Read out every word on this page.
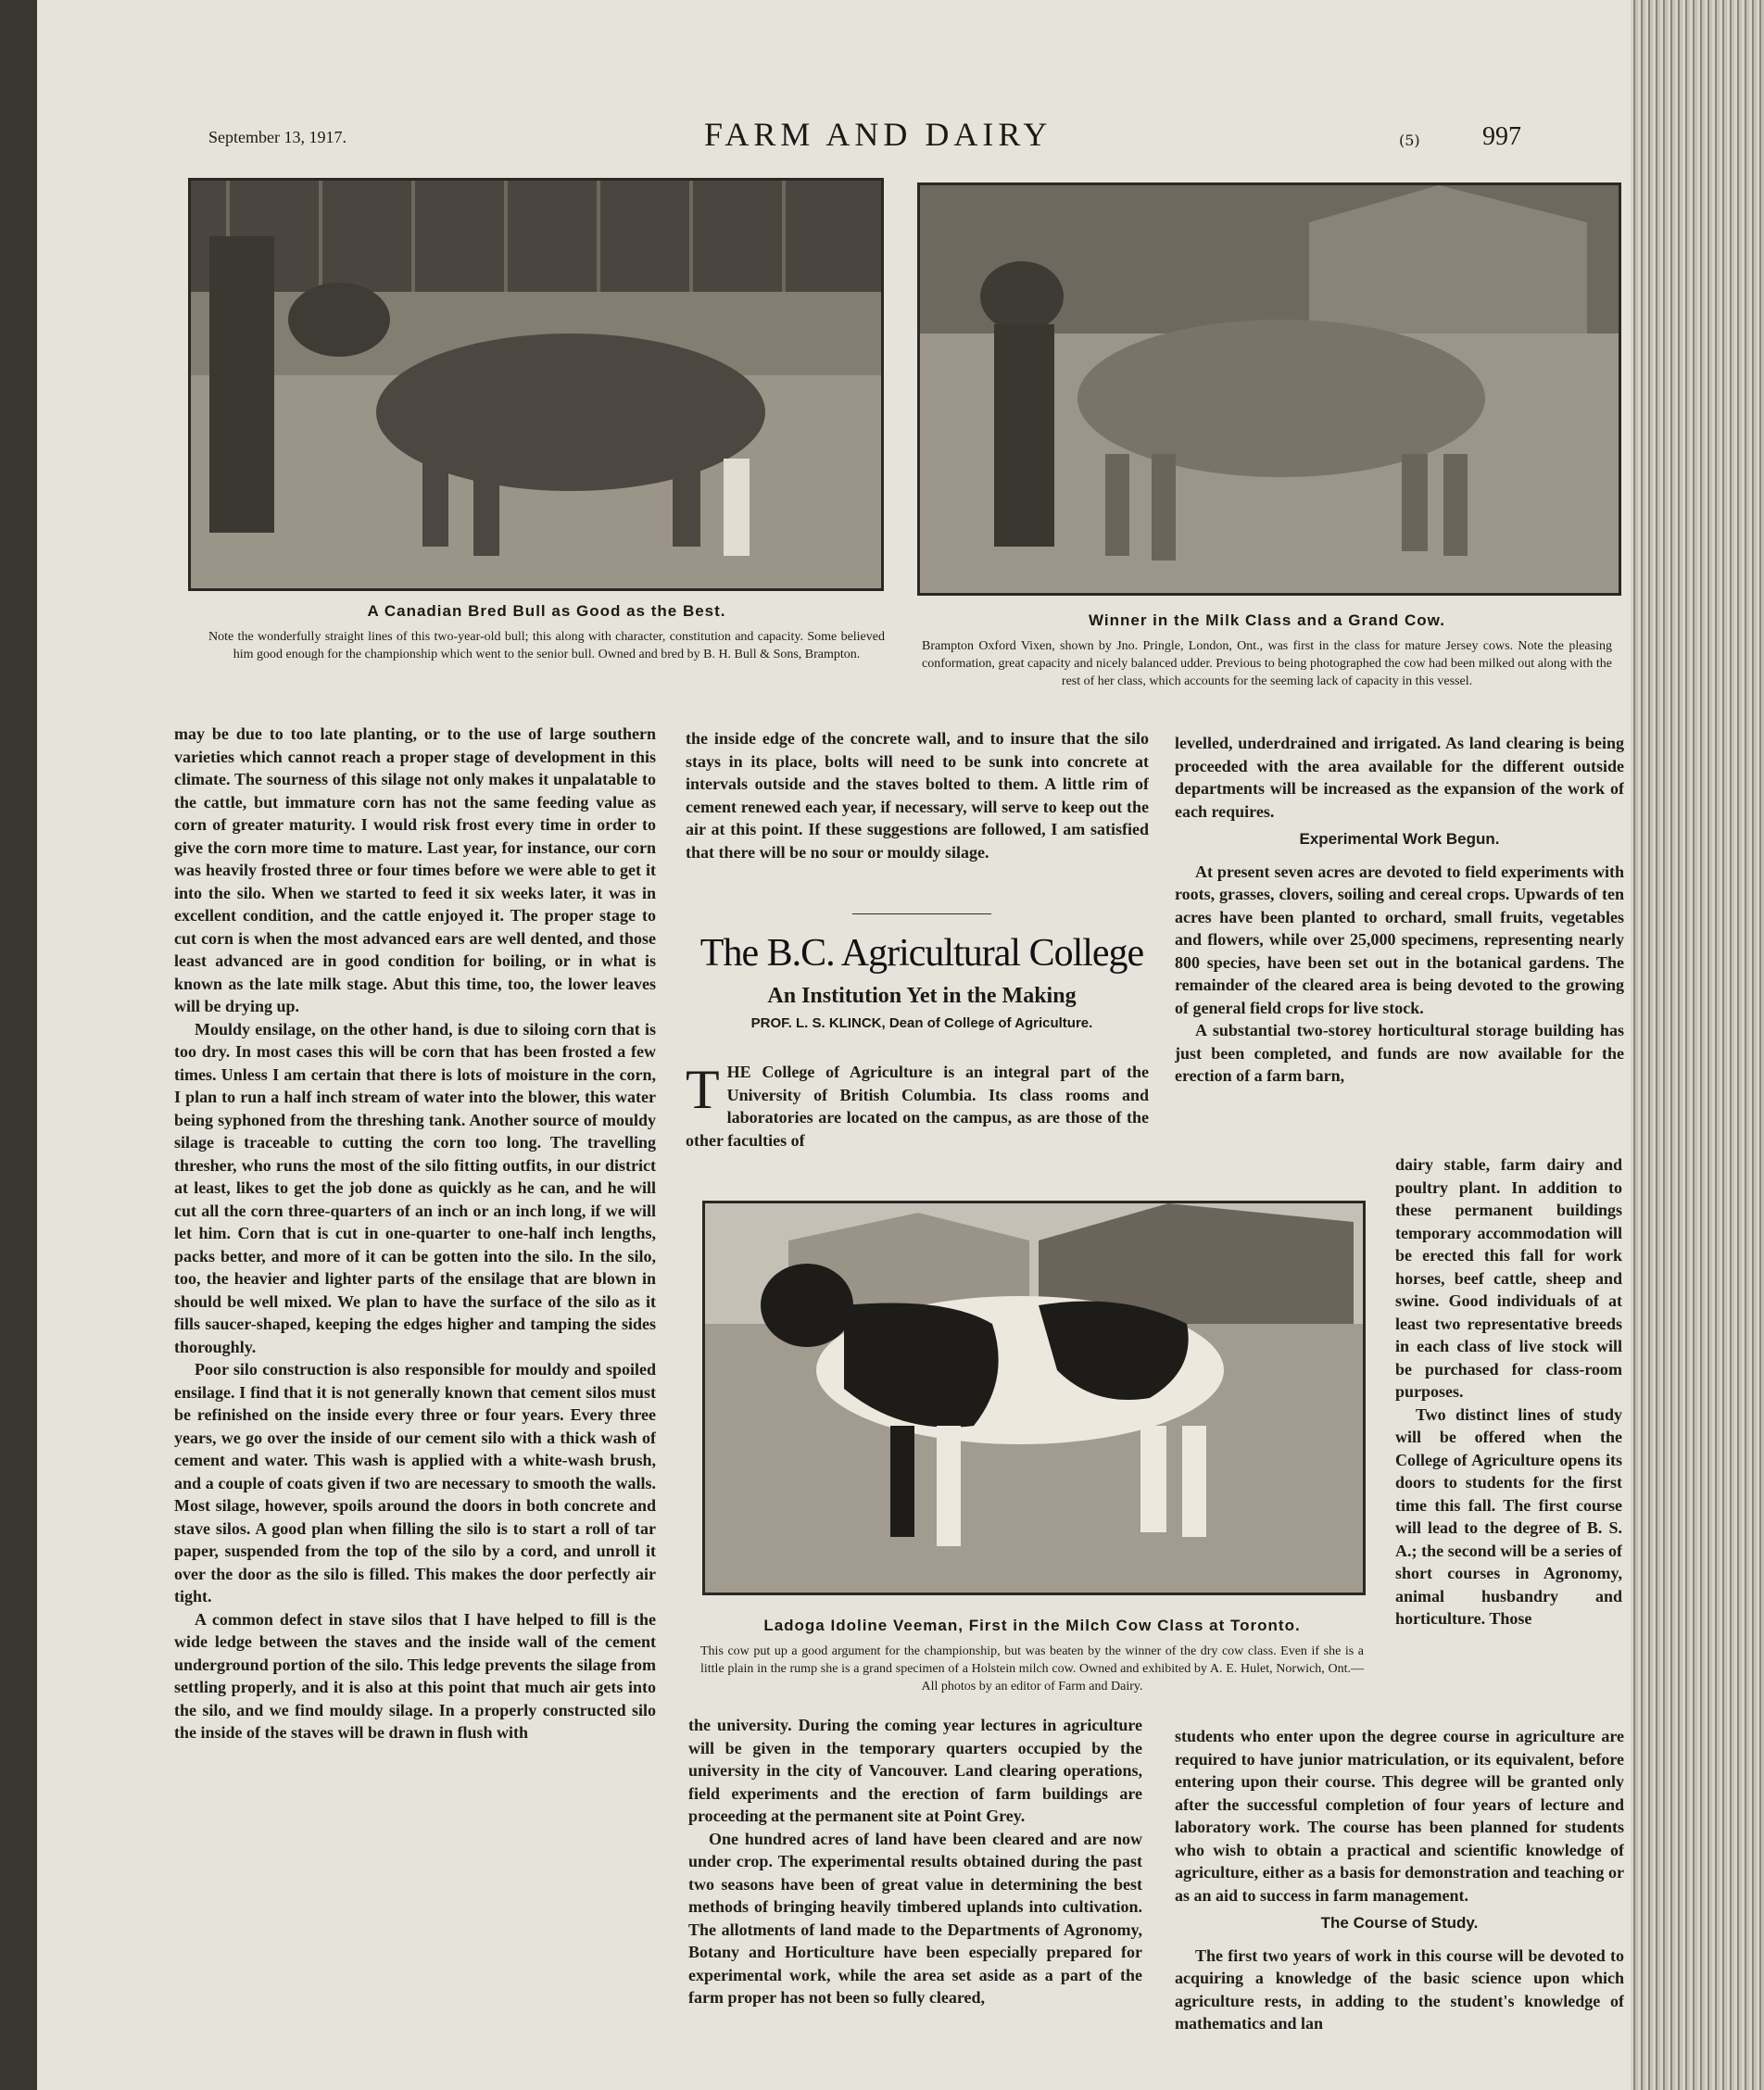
September 13, 1917.	FARM AND DAIRY	(5) 997
A Canadian Bred Bull as Good as the Best.
Note the wonderfully straight lines of this two-year-old bull; this along with character, constitution and capacity. Some believed him good enough for the championship which went to the senior bull. Owned and bred by B. H. Bull & Sons, Brampton.
Winner in the Milk Class and a Grand Cow.
Brampton Oxford Vixen, shown by Jno. Pringle, London, Ont., was first in the class for mature Jersey cows. Note the pleasing conformation, great capacity and nicely balanced udder. Previous to being photographed the cow had been milked out along with the rest of her class, which accounts for the seeming lack of capacity in this vessel.

may be due to too late planting, or to the use of large southern varieties which cannot reach a proper stage of development in this climate. The sourness of this silage not only makes it unpalatable to the cattle, but immature corn has not the same feeding value as corn of greater maturity. I would risk frost every time in order to give the corn more time to mature. Last year, for instance, our corn was heavily frosted three or four times before we were able to get it into the silo. When we started to feed it six weeks later, it was in excellent condition, and the cattle enjoyed it. The proper stage to cut corn is when the most advanced ears are well dented, and those least advanced are in good condition for boiling, or in what is known as the late milk stage. Abut this time, too, the lower leaves will be drying up.

Mouldy ensilage, on the other hand, is due to siloing corn that is too dry. In most cases this will be corn that has been frosted a few times. Unless I am certain that there is lots of moisture in the corn, I plan to run a half inch stream of water into the blower, this water being syphoned from the threshing tank. Another source of mouldy silage is traceable to cutting the corn too long. The travelling thresher, who runs the most of the silo fitting outfits, in our district at least, likes to get the job done as quickly as he can, and he will cut all the corn three-quarters of an inch or an inch long, if we will let him. Corn that is cut in one-quarter to one-half inch lengths, packs better, and more of it can be gotten into the silo. In the silo, too, the heavier and lighter parts of the ensilage that are blown in should be well mixed. We plan to have the surface of the silo as it fills saucer-shaped, keeping the edges higher and tamping the sides thoroughly.

Poor silo construction is also responsible for mouldy and spoiled ensilage. I find that it is not generally known that cement silos must be refinished on the inside every three or four years. Every three years, we go over the inside of our cement silo with a thick wash of cement and water. This wash is applied with a white-wash brush, and a couple of coats given if two are necessary to smooth the walls. Most silage, however, spoils around the doors in both concrete and stave silos. A good plan when filling the silo is to start a roll of tar paper, suspended from the top of the silo by a cord, and unroll it over the door as the silo is filled. This makes the door perfectly air tight.

A common defect in stave silos that I have helped to fill is the wide ledge between the staves and the inside wall of the cement underground portion of the silo. This ledge prevents the silage from settling properly, and it is also at this point that much air gets into the silo, and we find mouldy silage. In a properly constructed silo the inside of the staves will be drawn in flush with

the inside edge of the concrete wall, and to insure that the silo stays in its place, bolts will need to be sunk into concrete at intervals outside and the staves bolted to them. A little rim of cement renewed each year, if necessary, will serve to keep out the air at this point. If these suggestions are followed, I am satisfied that there will be no sour or mouldy silage.

The B.C. Agricultural College
An Institution Yet in the Making
PROF. L. S. KLINCK, Dean of College of Agriculture.

THE College of Agriculture is an integral part of the University of British Columbia. Its class rooms and laboratories are located on the campus, as are those of the other faculties of

levelled, underdrained and irrigated. As land clearing is being proceeded with the area available for the different outside departments will be increased as the expansion of the work of each requires.

Experimental Work Begun.

At present seven acres are devoted to field experiments with roots, grasses, clovers, soiling and cereal crops. Upwards of ten acres have been planted to orchard, small fruits, vegetables and flowers, while over 25,000 specimens, representing nearly 800 species, have been set out in the botanical gardens. The remainder of the cleared area is being devoted to the growing of general field crops for live stock.

A substantial two-storey horticultural storage building has just been completed, and funds are now available for the erection of a farm barn,

Ladoga Idoline Veeman, First in the Milch Cow Class at Toronto.
This cow put up a good argument for the championship, but was beaten by the winner of the dry cow class. Even if she is a little plain in the rump she is a grand specimen of a Holstein milch cow. Owned and exhibited by A. E. Hulet, Norwich, Ont.—All photos by an editor of Farm and Dairy.

dairy stable, farm dairy and poultry plant. In addition to these permanent buildings temporary accommodation will be erected this fall for work horses, beef cattle, sheep and swine. Good individuals of at least two representative breeds in each class of live stock will be purchased for class-room purposes.

Two distinct lines of study will be offered when the College of Agriculture opens its doors to students for the first time this fall. The first course will lead to the degree of B. S. A.; the second will be a series of short courses in Agronomy, animal husbandry and horticulture. Those

the university. During the coming year lectures in agriculture will be given in the temporary quarters occupied by the university in the city of Vancouver. Land clearing operations, field experiments and the erection of farm buildings are proceeding at the permanent site at Point Grey.

One hundred acres of land have been cleared and are now under crop. The experimental results obtained during the past two seasons have been of great value in determining the best methods of bringing heavily timbered uplands into cultivation. The allotments of land made to the Departments of Agronomy, Botany and Horticulture have been especially prepared for experimental work, while the area set aside as a part of the farm proper has not been so fully cleared,

students who enter upon the degree course in agriculture are required to have junior matriculation, or its equivalent, before entering upon their course. This degree will be granted only after the successful completion of four years of lecture and laboratory work. The course has been planned for students who wish to obtain a practical and scientific knowledge of agriculture, either as a basis for demonstration and teaching or as an aid to success in farm management.

The Course of Study.

The first two years of work in this course will be devoted to acquiring a knowledge of the basic science upon which agriculture rests, in adding to the student's knowledge of mathematics and lan
